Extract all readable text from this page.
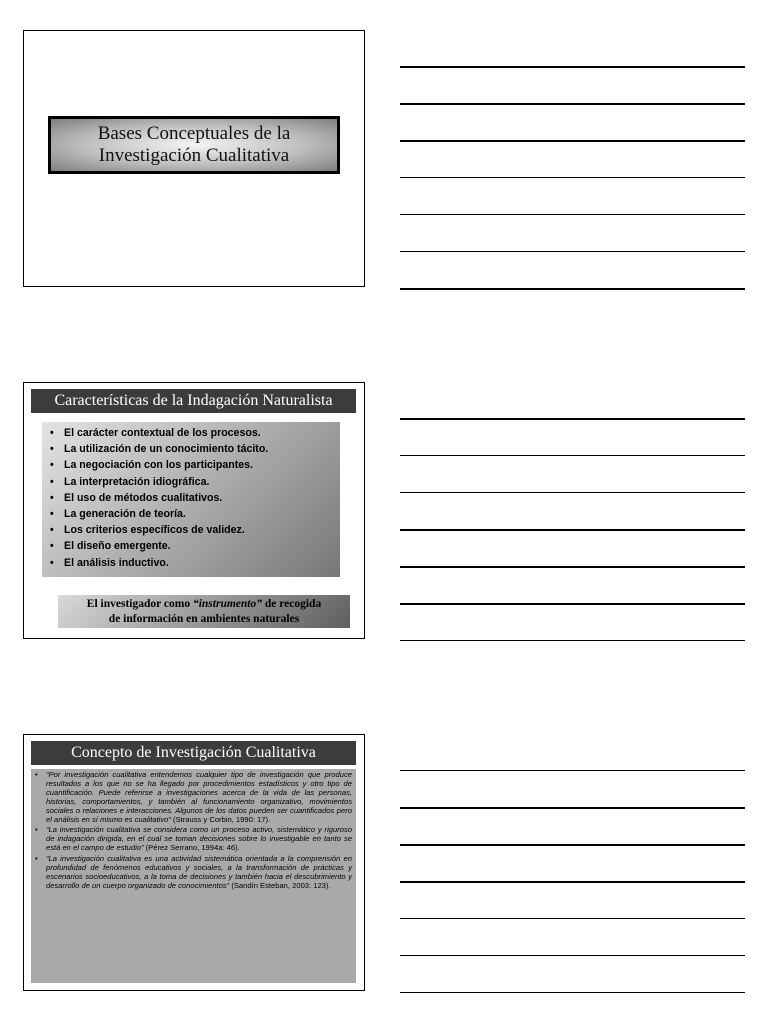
Bases Conceptuales de la
Investigación Cualitativa
Características de la Indagación Naturalista
• El carácter contextual de los procesos.
• La utilización de un conocimiento tácito.
• La negociación con los participantes.
• La interpretación idiográfica.
• El uso de métodos cualitativos.
• La generación de teoría.
• Los criterios específicos de validez.
• El diseño emergente.
• El análisis inductivo.
El investigador como “instrumento” de recogida
de información en ambientes naturales
Concepto de Investigación Cualitativa
• “Por investigación cualitativa entendemos cualquier tipo de investigación que produce resultados a los que no se ha llegado por procedimientos estadísticos y otro tipo de cuantificación. Puede referirse a investigaciones acerca de la vida de las personas, historias, comportamientos, y también al funcionamiento organizativo, movimientos sociales o relaciones e interacciones. Algunos de los datos pueden ser cuantificados pero el análisis en sí mismo es cualitativo” (Strauss y Corbin, 1990: 17).
• “La investigación cualitativa se considera como un proceso activo, sistemático y riguroso de indagación dirigida, en el cual se toman decisiones sobre lo investigable en tanto se está en el campo de estudio” (Pérez Serrano, 1994a: 46).
• “La investigación cualitativa es una actividad sistemática orientada a la comprensión en profundidad de fenómenos educativos y sociales, a la transformación de prácticas y escenarios socioeducativos, a la toma de decisiones y también hacia el descubrimiento y desarrollo de un cuerpo organizado de conocimientos” (Sandín Esteban, 2003: 123).
